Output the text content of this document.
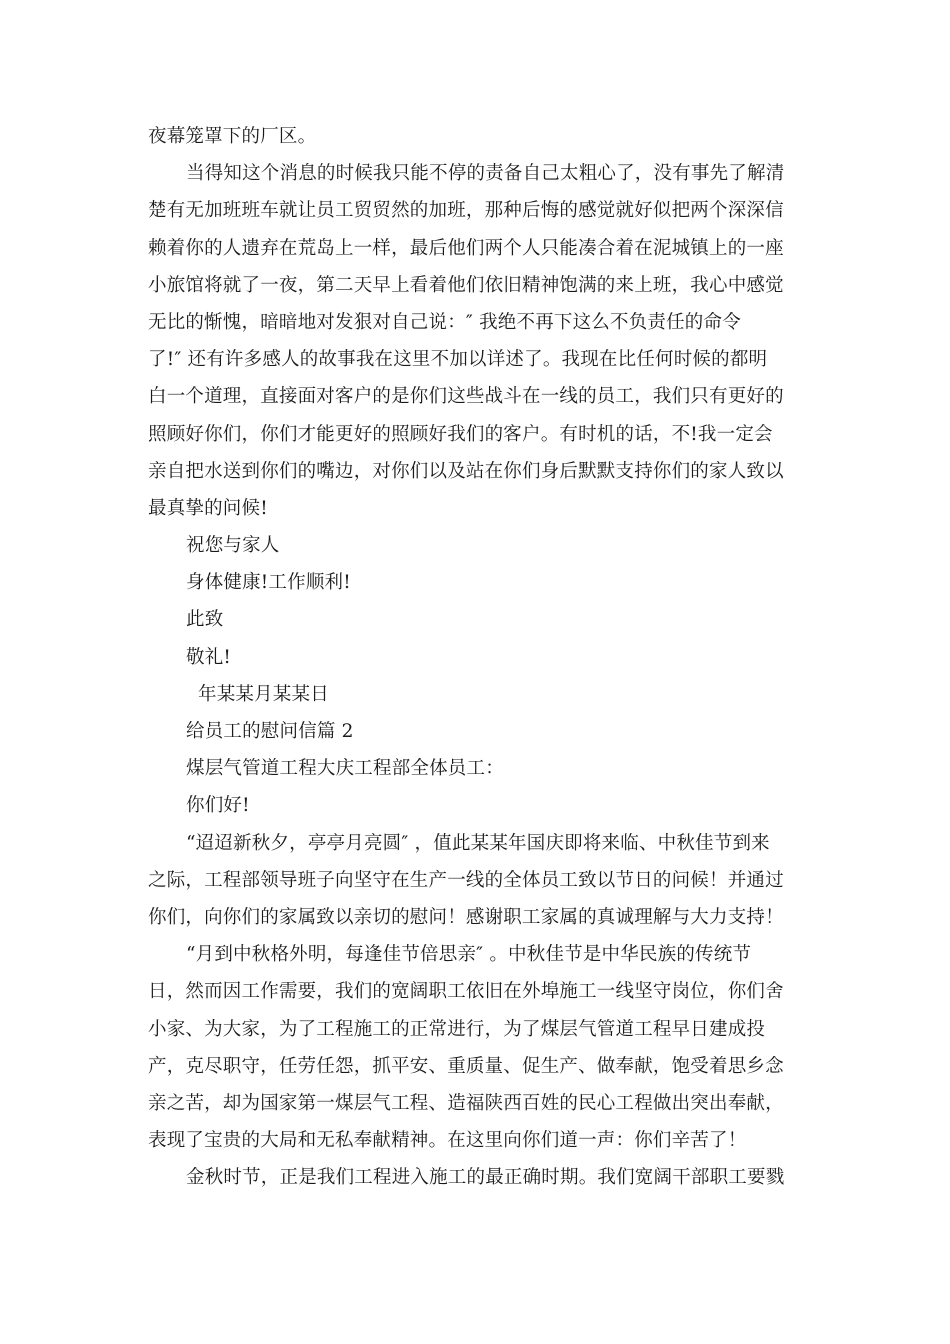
夜幕笼罩下的厂区。
当得知这个消息的时候我只能不停的责备自己太粗心了，没有事先了解清
楚有无加班班车就让员工贸贸然的加班，那种后悔的感觉就好似把两个深深信
赖着你的人遗弃在荒岛上一样，最后他们两个人只能凑合着在泥城镇上的一座
小旅馆将就了一夜，第二天早上看着他们依旧精神饱满的来上班，我心中感觉
无比的惭愧，暗暗地对发狠对自己说：″ 我绝不再下这么不负责任的命令
了!″ 还有许多感人的故事我在这里不加以详述了。我现在比任何时候的都明
白一个道理，直接面对客户的是你们这些战斗在一线的员工，我们只有更好的
照顾好你们，你们才能更好的照顾好我们的客户。有时机的话，不!我一定会
亲自把水送到你们的嘴边，对你们以及站在你们身后默默支持你们的家人致以
最真挚的问候!
祝您与家人
身体健康!工作顺利!
此致
敬礼!
年某某月某某日
给员工的慰问信篇 2
煤层气管道工程大庆工程部全体员工：
你们好!
“迢迢新秋夕，亭亭月亮圆″ ，值此某某年国庆即将来临、中秋佳节到来
之际，工程部领导班子向坚守在生产一线的全体员工致以节日的问候！并通过
你们，向你们的家属致以亲切的慰问！感谢职工家属的真诚理解与大力支持！
“月到中秋格外明，每逢佳节倍思亲″ 。中秋佳节是中华民族的传统节
日，然而因工作需要，我们的宽阔职工依旧在外埠施工一线坚守岗位，你们舍
小家、为大家，为了工程施工的正常进行，为了煤层气管道工程早日建成投
产，克尽职守，任劳任怨，抓平安、重质量、促生产、做奉献，饱受着思乡念
亲之苦，却为国家第一煤层气工程、造福陕西百姓的民心工程做出突出奉献，
表现了宝贵的大局和无私奉献精神。在这里向你们道一声：你们辛苦了！
金秋时节，正是我们工程进入施工的最正确时期。我们宽阔干部职工要戮
